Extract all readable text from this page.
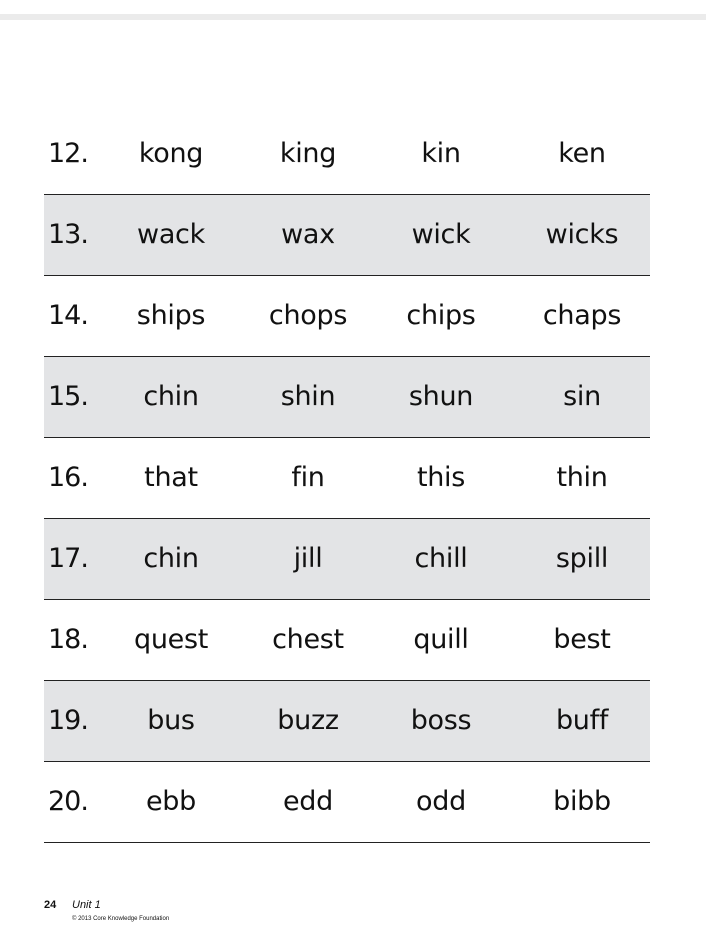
12.	kong	king	kin	ken
13.	wack	wax	wick	wicks
14.	ships	chops	chips	chaps
15.	chin	shin	shun	sin
16.	that	fin	this	thin
17.	chin	jill	chill	spill
18.	quest	chest	quill	best
19.	bus	buzz	boss	buff
20.	ebb	edd	odd	bibb
24 Unit 1
© 2013 Core Knowledge Foundation
